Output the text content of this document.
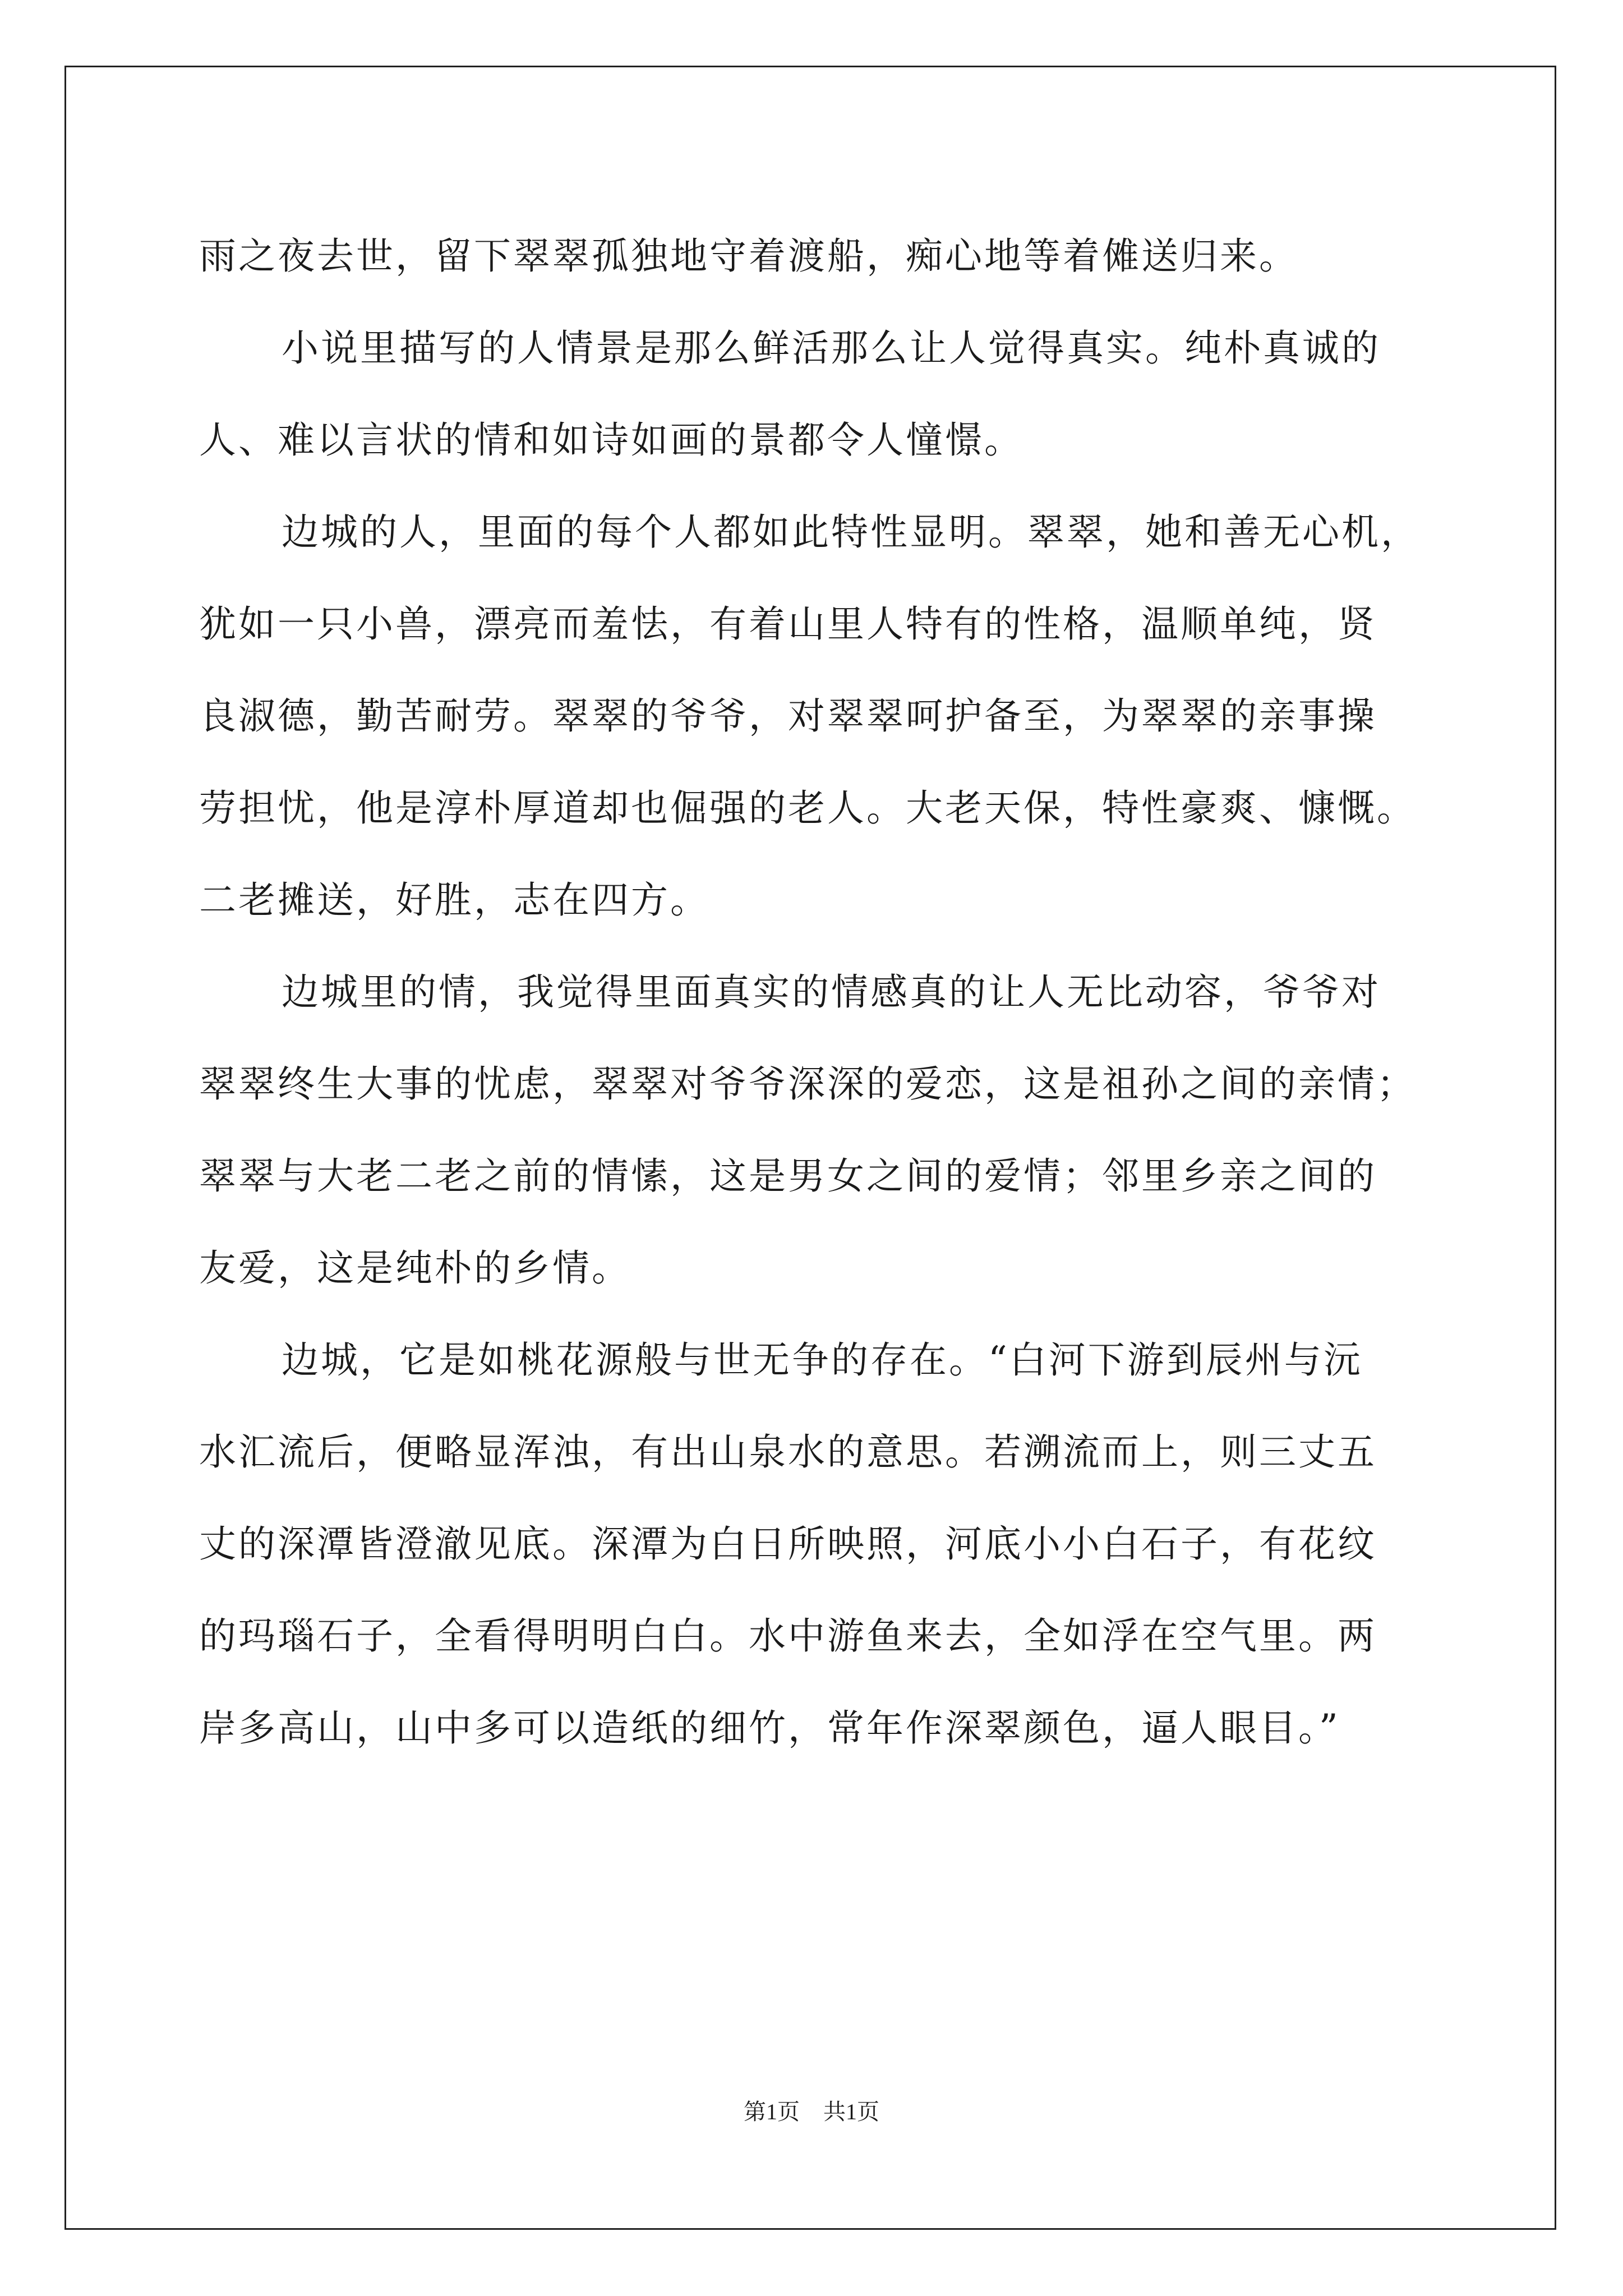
雨之夜去世，留下翠翠孤独地守着渡船，痴心地等着傩送归来。
小说里描写的人情景是那么鲜活那么让人觉得真实。纯朴真诚的
人、难以言状的情和如诗如画的景都令人憧憬。
边城的人，里面的每个人都如此特性显明。翠翠，她和善无心机，
犹如一只小兽，漂亮而羞怯，有着山里人特有的性格，温顺单纯，贤
良淑德，勤苦耐劳。翠翠的爷爷，对翠翠呵护备至，为翠翠的亲事操
劳担忧，他是淳朴厚道却也倔强的老人。大老天保，特性豪爽、慷慨。
二老摊送，好胜，志在四方。
边城里的情，我觉得里面真实的情感真的让人无比动容，爷爷对
翠翠终生大事的忧虑，翠翠对爷爷深深的爱恋，这是祖孙之间的亲情；
翠翠与大老二老之前的情愫，这是男女之间的爱情；邻里乡亲之间的
友爱，这是纯朴的乡情。
边城，它是如桃花源般与世无争的存在。“白河下游到辰州与沅
水汇流后，便略显浑浊，有出山泉水的意思。若溯流而上，则三丈五
丈的深潭皆澄澈见底。深潭为白日所映照，河底小小白石子，有花纹
的玛瑙石子，全看得明明白白。水中游鱼来去，全如浮在空气里。两
岸多高山，山中多可以造纸的细竹，常年作深翠颜色，逼人眼目。”
第1页 共1页
